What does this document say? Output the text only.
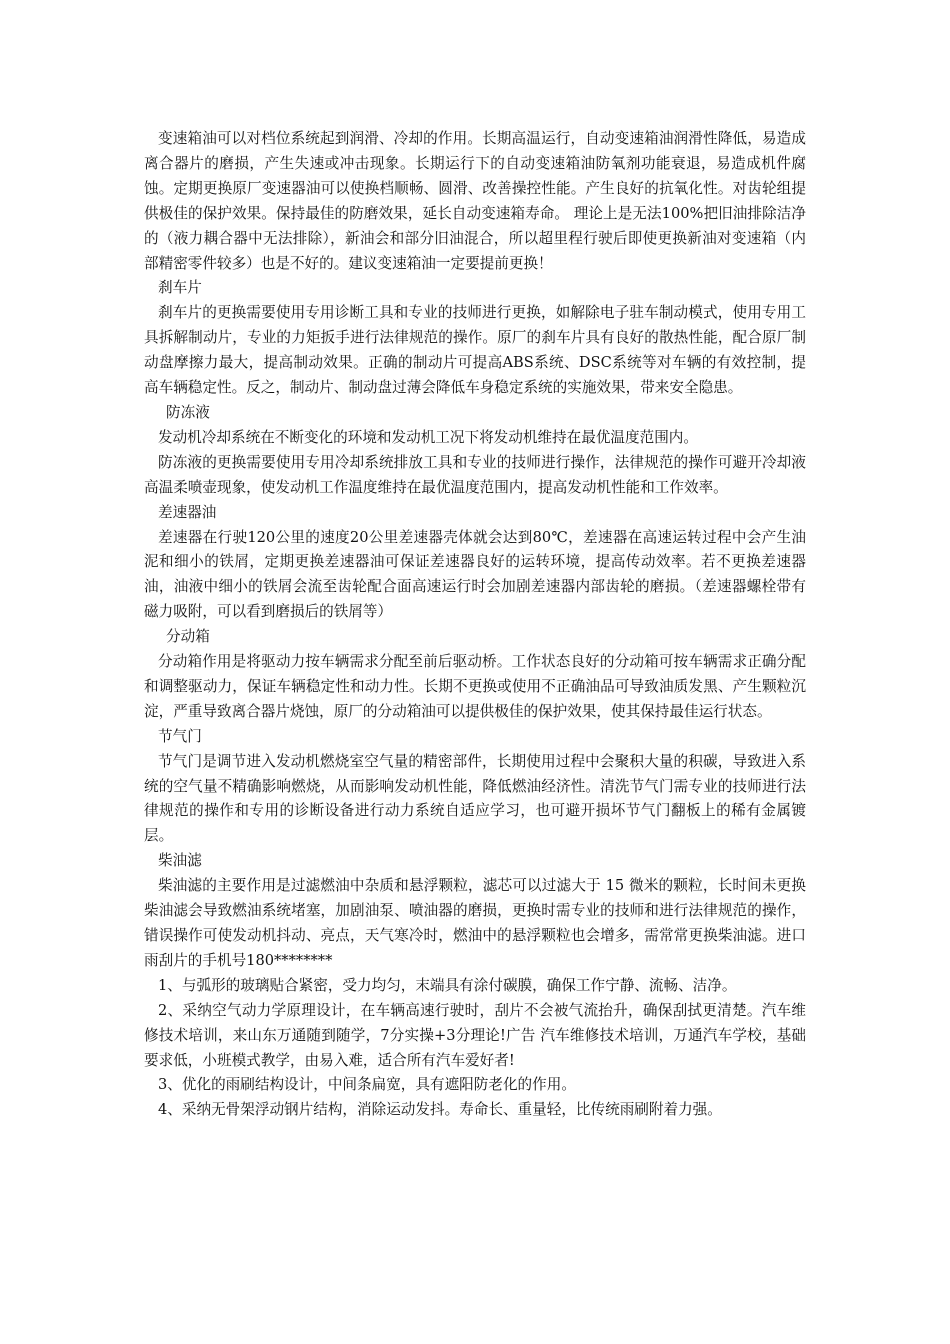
变速箱油可以对档位系统起到润滑、冷却的作用。长期高温运行，自动变速箱油润滑性降低，易造成离合器片的磨损，产生失速或冲击现象。长期运行下的自动变速箱油防氧剂功能衰退，易造成机件腐蚀。定期更换原厂变速器油可以使换档顺畅、圆滑、改善操控性能。产生良好的抗氧化性。对齿轮组提供极佳的保护效果。保持最佳的防磨效果，延长自动变速箱寿命。 理论上是无法100%把旧油排除洁净的（液力耦合器中无法排除），新油会和部分旧油混合，所以超里程行驶后即使更换新油对变速箱（内部精密零件较多）也是不好的。建议变速箱油一定要提前更换！

刹车片

刹车片的更换需要使用专用诊断工具和专业的技师进行更换，如解除电子驻车制动模式，使用专用工具拆解制动片，专业的力矩扳手进行法律规范的操作。原厂的刹车片具有良好的散热性能，配合原厂制动盘摩擦力最大，提高制动效果。正确的制动片可提高ABS系统、DSC系统等对车辆的有效控制，提高车辆稳定性。反之，制动片、制动盘过薄会降低车身稳定系统的实施效果，带来安全隐患。

防冻液

发动机冷却系统在不断变化的环境和发动机工况下将发动机维持在最优温度范围内。

防冻液的更换需要使用专用冷却系统排放工具和专业的技师进行操作，法律规范的操作可避开冷却液高温柔喷壶现象，使发动机工作温度维持在最优温度范围内，提高发动机性能和工作效率。

差速器油

差速器在行驶120公里的速度20公里差速器壳体就会达到80℃，差速器在高速运转过程中会产生油泥和细小的铁屑，定期更换差速器油可保证差速器良好的运转环境，提高传动效率。若不更换差速器油，油液中细小的铁屑会流至齿轮配合面高速运行时会加剧差速器内部齿轮的磨损。（差速器螺栓带有磁力吸附，可以看到磨损后的铁屑等）

分动箱

分动箱作用是将驱动力按车辆需求分配至前后驱动桥。工作状态良好的分动箱可按车辆需求正确分配和调整驱动力，保证车辆稳定性和动力性。长期不更换或使用不正确油品可导致油质发黑、产生颗粒沉淀，严重导致离合器片烧蚀，原厂的分动箱油可以提供极佳的保护效果，使其保持最佳运行状态。

节气门

节气门是调节进入发动机燃烧室空气量的精密部件，长期使用过程中会聚积大量的积碳，导致进入系统的空气量不精确影响燃烧，从而影响发动机性能，降低燃油经济性。清洗节气门需专业的技师进行法律规范的操作和专用的诊断设备进行动力系统自适应学习，也可避开损坏节气门翻板上的稀有金属镀层。

柴油滤

柴油滤的主要作用是过滤燃油中杂质和悬浮颗粒，滤芯可以过滤大于 15 微米的颗粒，长时间未更换柴油滤会导致燃油系统堵塞，加剧油泵、喷油器的磨损，更换时需专业的技师和进行法律规范的操作，错误操作可使发动机抖动、亮点，天气寒冷时，燃油中的悬浮颗粒也会增多，需常常更换柴油滤。进口雨刮片的手机号180********

1、与弧形的玻璃贴合紧密，受力均匀，末端具有涂付碳膜，确保工作宁静、流畅、洁净。

2、采纳空气动力学原理设计，在车辆高速行驶时，刮片不会被气流抬升，确保刮拭更清楚。汽车维修技术培训，来山东万通随到随学，7分实操+3分理论!广告 汽车维修技术培训，万通汽车学校，基础要求低，小班模式教学，由易入难，适合所有汽车爱好者!

3、优化的雨刷结构设计，中间条扁宽，具有遮阳防老化的作用。

4、采纳无骨架浮动钢片结构，消除运动发抖。寿命长、重量轻，比传统雨刷附着力强。
